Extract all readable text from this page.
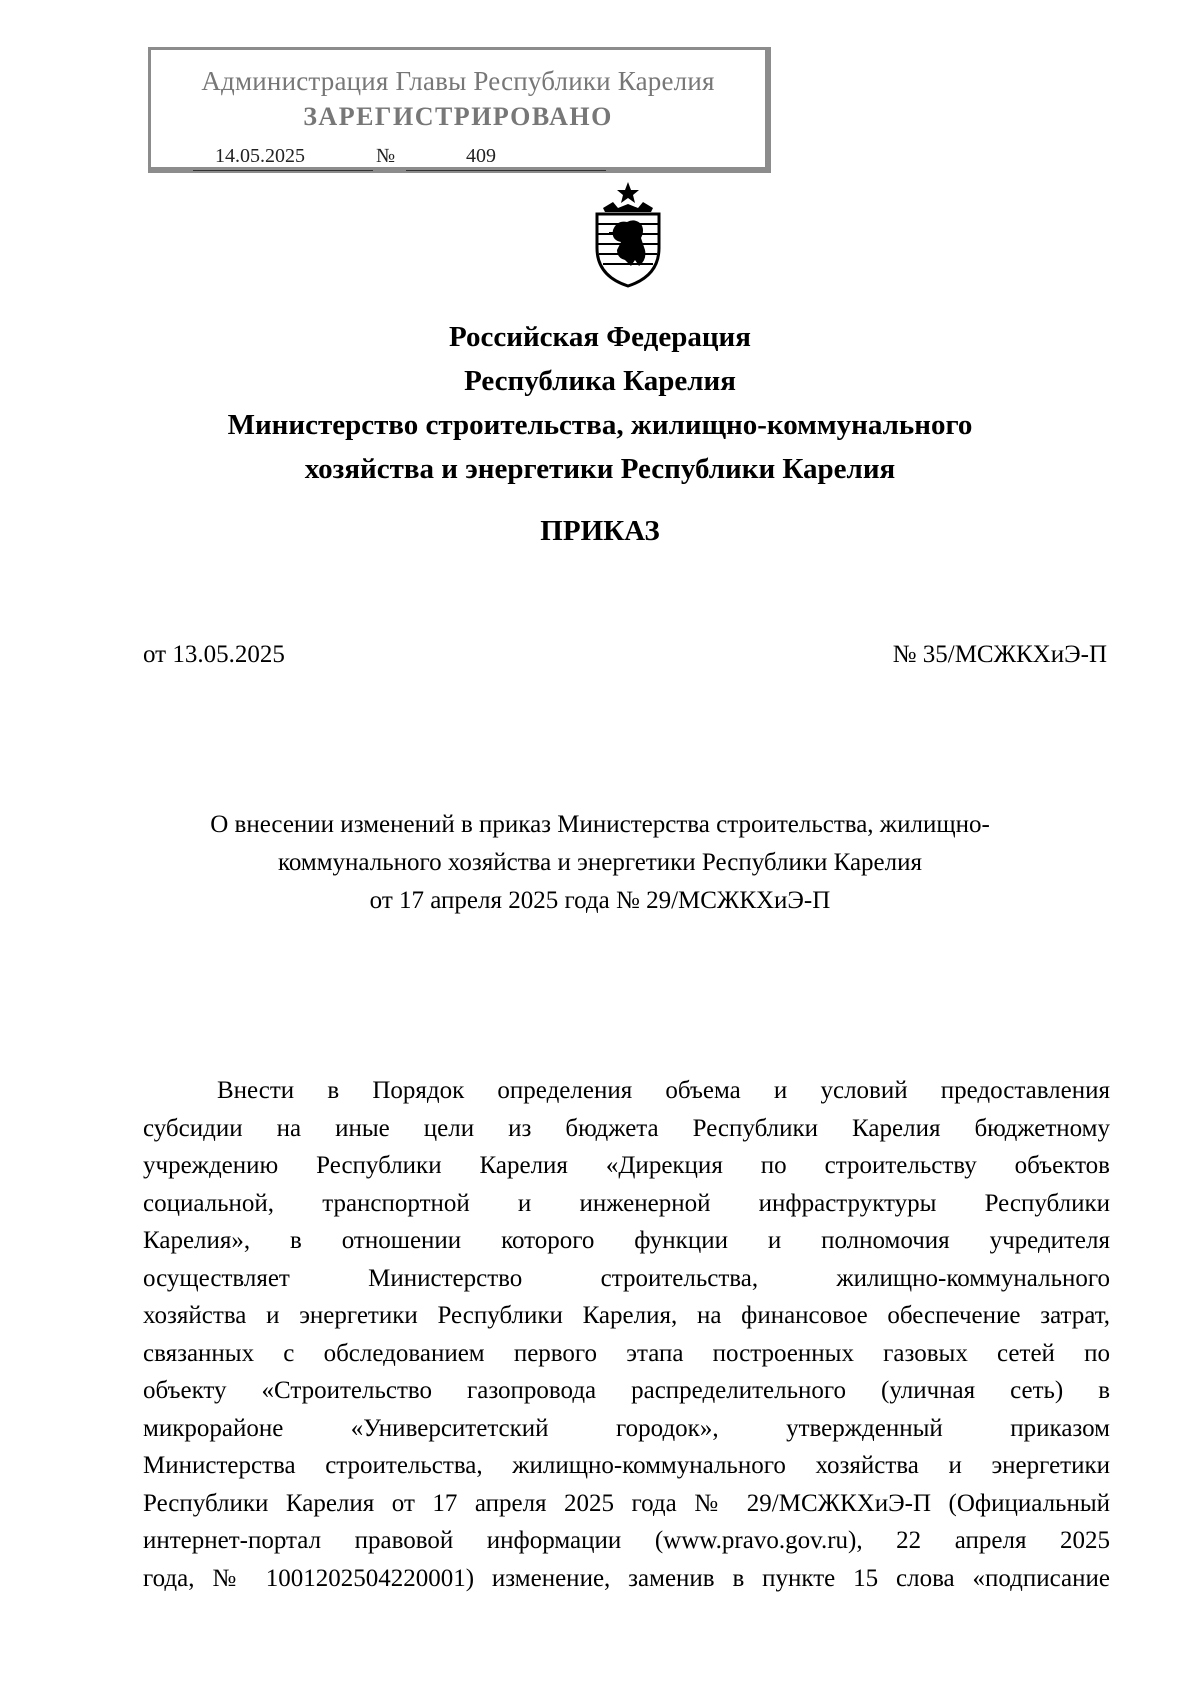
Администрация Главы Республики Карелия
ЗАРЕГИСТРИРОВАНО
14.05.2025	№	409
Российская Федерация
Республика Карелия
Министерство строительства, жилищно-коммунального
хозяйства и энергетики Республики Карелия
ПРИКАЗ
от 13.05.2025	№ 35/МСЖКХиЭ-П
О внесении изменений в приказ Министерства строительства, жилищно-
коммунального хозяйства и энергетики Республики Карелия
от 17 апреля 2025 года № 29/МСЖКХиЭ-П
Внести в Порядок определения объема и условий предоставления
субсидии на иные цели из бюджета Республики Карелия бюджетному
учреждению Республики Карелия «Дирекция по строительству объектов
социальной, транспортной и инженерной инфраструктуры Республики
Карелия», в отношении которого функции и полномочия учредителя
осуществляет Министерство строительства, жилищно-коммунального
хозяйства и энергетики Республики Карелия, на финансовое обеспечение затрат,
связанных с обследованием первого этапа построенных газовых сетей по
объекту «Строительство газопровода распределительного (уличная сеть) в
микрорайоне «Университетский городок», утвержденный приказом
Министерства строительства, жилищно-коммунального хозяйства и энергетики
Республики Карелия от 17 апреля 2025 года № 29/МСЖКХиЭ-П (Официальный
интернет-портал правовой информации (www.pravo.gov.ru), 22 апреля 2025
года, № 1001202504220001) изменение, заменив в пункте 15 слова «подписание
